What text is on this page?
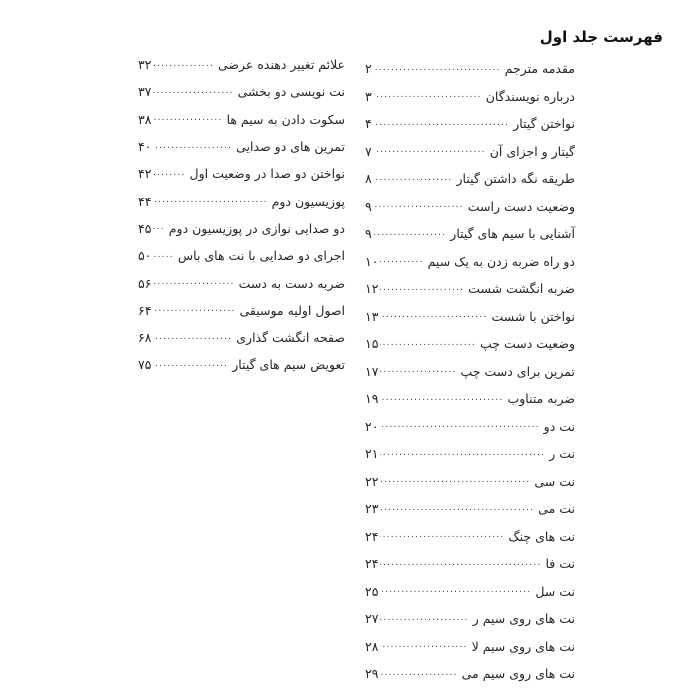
فهرست جلد اول
مقدمه مترجم
.....
۲
درباره نویسندگان
.....
۳
نواختن گیتار
.....
۴
گیتار و اجزای آن
.....
۷
طریقه نگه داشتن گیتار
.....
۸
وضعیت دست راست
.....
۹
آشنایی با سیم های گیتار
.....
۹
دو راه ضربه زدن به یک سیم
.....
۱۰
ضربه انگشت شست
.....
۱۲
نواختن با شست
.....
۱۳
وضعیت دست چپ
.....
۱۵
تمرین برای دست چپ
.....
۱۷
ضربه متناوب
.....
۱۹
نت دو
.....
۲۰
نت ر
.....
۲۱
نت سی
.....
۲۲
نت می
.....
۲۳
نت های چنگ
.....
۲۴
نت فا
.....
۲۴
نت سل
.....
۲۵
نت های روی سیم ر
.....
۲۷
نت های روی سیم لا
.....
۲۸
نت های روی سیم می
.....
۲۹
علائم تغییر دهنده عرضی
.....
۳۲
نت نویسی دو بخشی
.....
۳۷
سکوت دادن به سیم ها
.....
۳۸
تمرین های دو صدایی
.....
۴۰
نواختن دو صدا در وضعیت اول
.....
۴۲
پوزیسیون دوم
.....
۴۴
دو صدایی نوازی در پوزیسیون دوم
.....
۴۵
اجرای دو صدایی با نت های باس
.....
۵۰
ضربه دست به دست
.....
۵۶
اصول اولیه موسیقی
.....
۶۴
صفحه انگشت گذاری
.....
۶۸
تعویض سیم های گیتار
.....
۷۵
